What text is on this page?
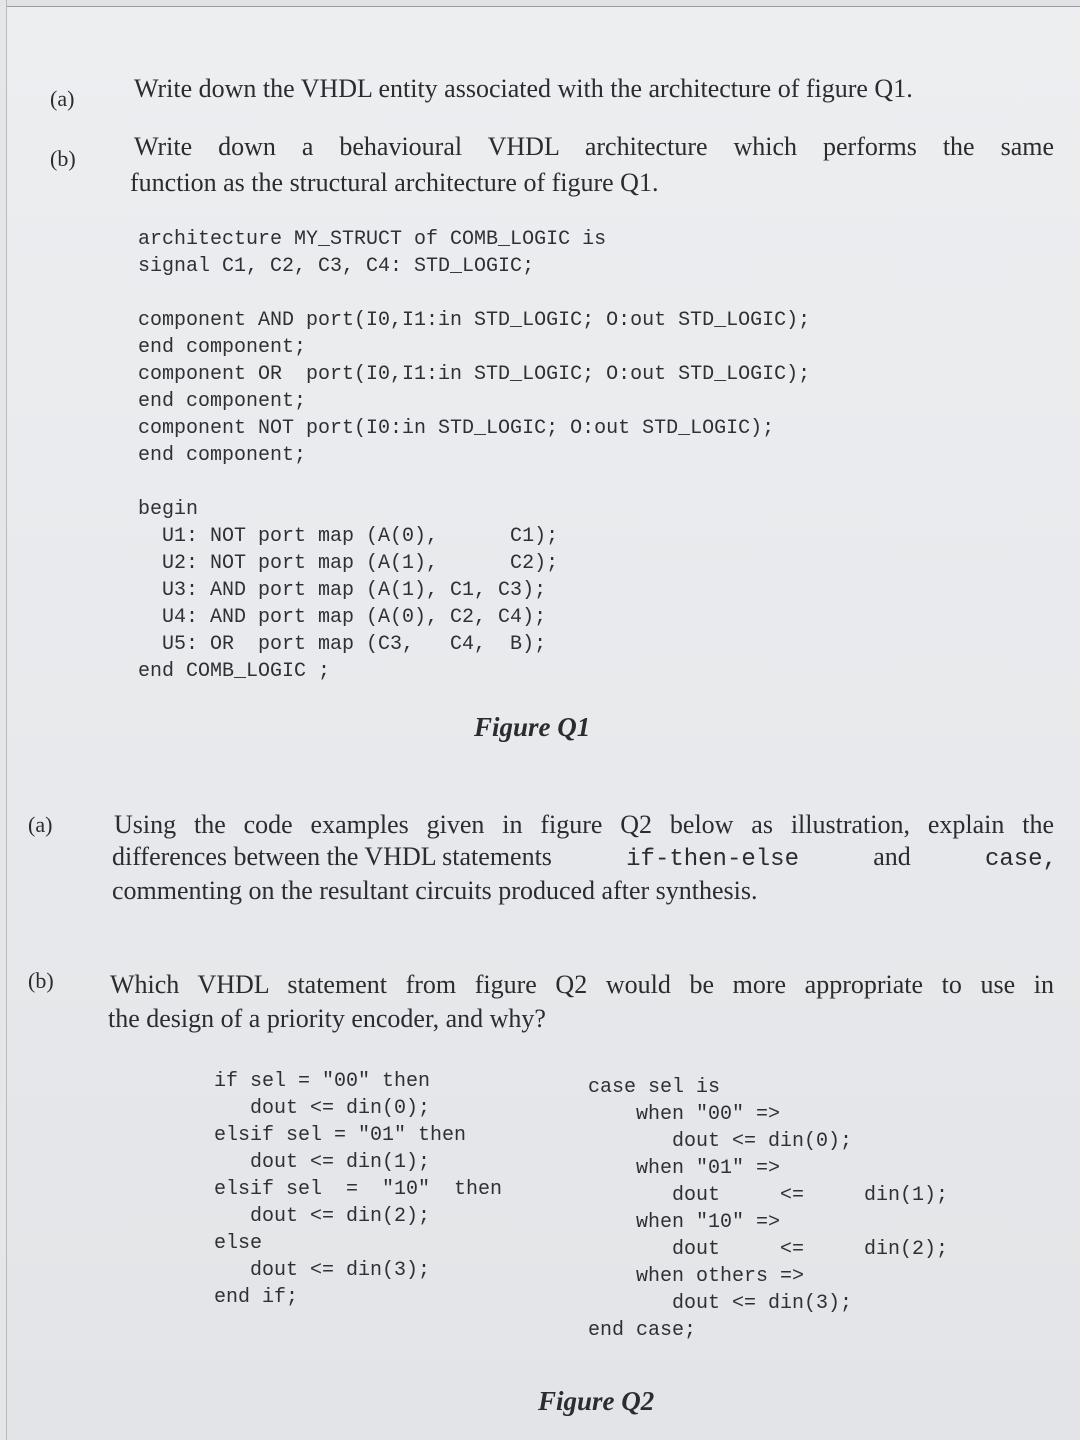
(a) Write down the VHDL entity associated with the architecture of figure Q1.
(b) Write down a behavioural VHDL architecture which performs the same
function as the structural architecture of figure Q1.
architecture MY_STRUCT of COMB_LOGIC is
signal C1, C2, C3, C4: STD_LOGIC;
component AND port(I0,I1:in STD_LOGIC; O:out STD_LOGIC);
end component;
component OR  port(I0,I1:in STD_LOGIC; O:out STD_LOGIC);
end component;
component NOT port(I0:in STD_LOGIC; O:out STD_LOGIC);
end component;
begin
U1: NOT port map (A(0),      C1);
U2: NOT port map (A(1),      C2);
U3: AND port map (A(1), C1, C3);
U4: AND port map (A(0), C2, C4);
U5: OR  port map (C3,   C4,  B);
end COMB_LOGIC ;
Figure Q1
(a) Using the code examples given in figure Q2 below as illustration, explain the
differences between the VHDL statements	if-then-else	and	case,
commenting on the resultant circuits produced after synthesis.
(b) Which VHDL statement from figure Q2 would be more appropriate to use in
the design of a priority encoder, and why?
if sel = "00" then
dout <= din(0);
elsif sel = "01" then
dout <= din(1);
elsif sel  =  "10"  then
dout <= din(2);
else
dout <= din(3);
end if;
case sel is
when "00" =>
dout <= din(0);
when "01" =>
dout     <=     din(1);
when "10" =>
dout     <=     din(2);
when others =>
dout <= din(3);
end case;
Figure Q2
